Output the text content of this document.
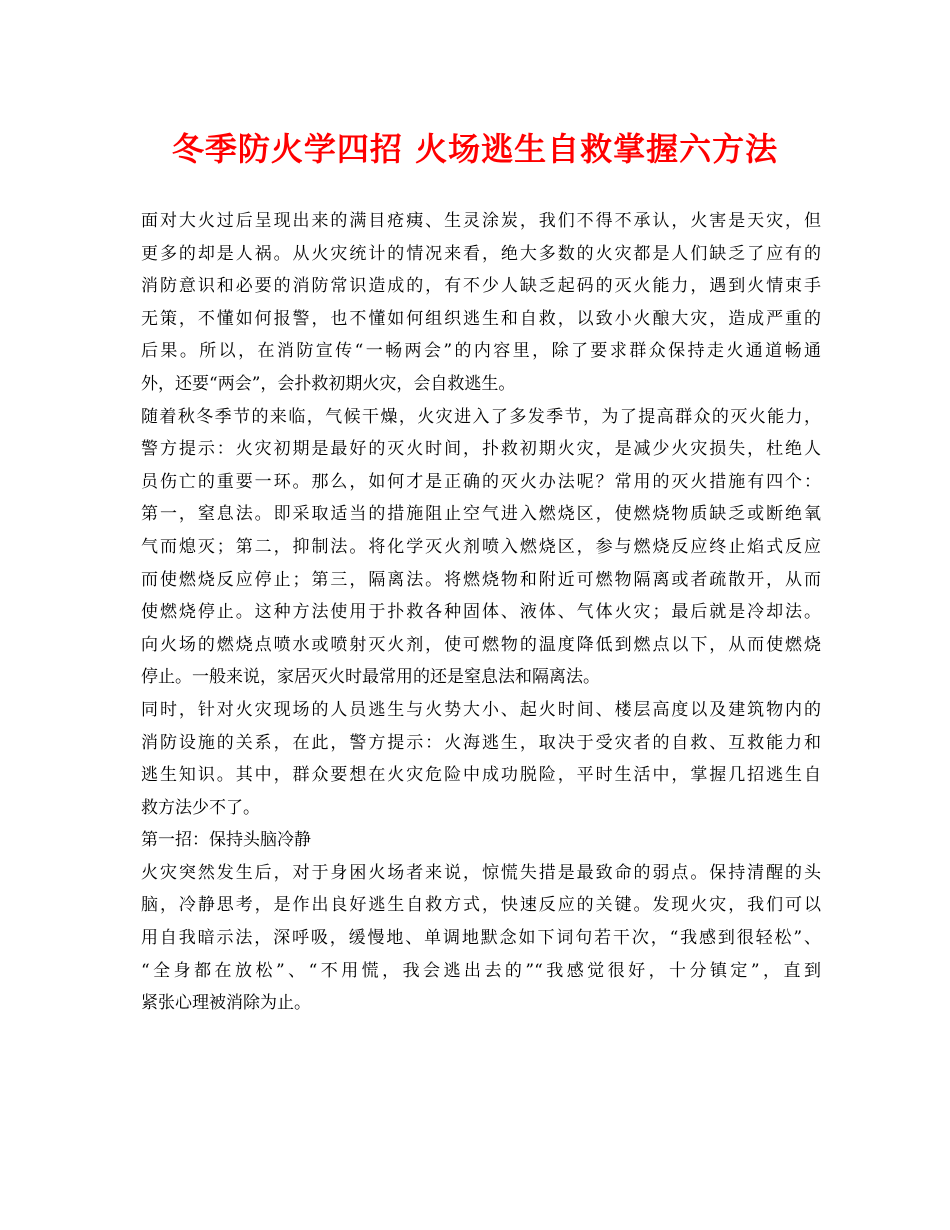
冬季防火学四招 火场逃生自救掌握六方法
面对大火过后呈现出来的满目疮痍、生灵涂炭，我们不得不承认，火害是天灾，但
更多的却是人祸。从火灾统计的情况来看，绝大多数的火灾都是人们缺乏了应有的
消防意识和必要的消防常识造成的，有不少人缺乏起码的灭火能力，遇到火情束手
无策，不懂如何报警，也不懂如何组织逃生和自救，以致小火酿大灾，造成严重的
后果。所以，在消防宣传“一畅两会”的内容里，除了要求群众保持走火通道畅通
外，还要“两会”，会扑救初期火灾，会自救逃生。
随着秋冬季节的来临，气候干燥，火灾进入了多发季节，为了提高群众的灭火能力，
警方提示：火灾初期是最好的灭火时间，扑救初期火灾，是减少火灾损失，杜绝人
员伤亡的重要一环。那么，如何才是正确的灭火办法呢？常用的灭火措施有四个：
第一，窒息法。即采取适当的措施阻止空气进入燃烧区，使燃烧物质缺乏或断绝氧
气而熄灭；第二，抑制法。将化学灭火剂喷入燃烧区，参与燃烧反应终止焰式反应
而使燃烧反应停止；第三，隔离法。将燃烧物和附近可燃物隔离或者疏散开，从而
使燃烧停止。这种方法使用于扑救各种固体、液体、气体火灾；最后就是冷却法。
向火场的燃烧点喷水或喷射灭火剂，使可燃物的温度降低到燃点以下，从而使燃烧
停止。一般来说，家居灭火时最常用的还是窒息法和隔离法。
同时，针对火灾现场的人员逃生与火势大小、起火时间、楼层高度以及建筑物内的
消防设施的关系，在此，警方提示：火海逃生，取决于受灾者的自救、互救能力和
逃生知识。其中，群众要想在火灾危险中成功脱险，平时生活中，掌握几招逃生自
救方法少不了。
第一招：保持头脑冷静
火灾突然发生后，对于身困火场者来说，惊慌失措是最致命的弱点。保持清醒的头
脑，冷静思考，是作出良好逃生自救方式，快速反应的关键。发现火灾，我们可以
用自我暗示法，深呼吸，缓慢地、单调地默念如下词句若干次，“我感到很轻松”、
“全身都在放松”、“不用慌，我会逃出去的”“我感觉很好，十分镇定”，直到
紧张心理被消除为止。
